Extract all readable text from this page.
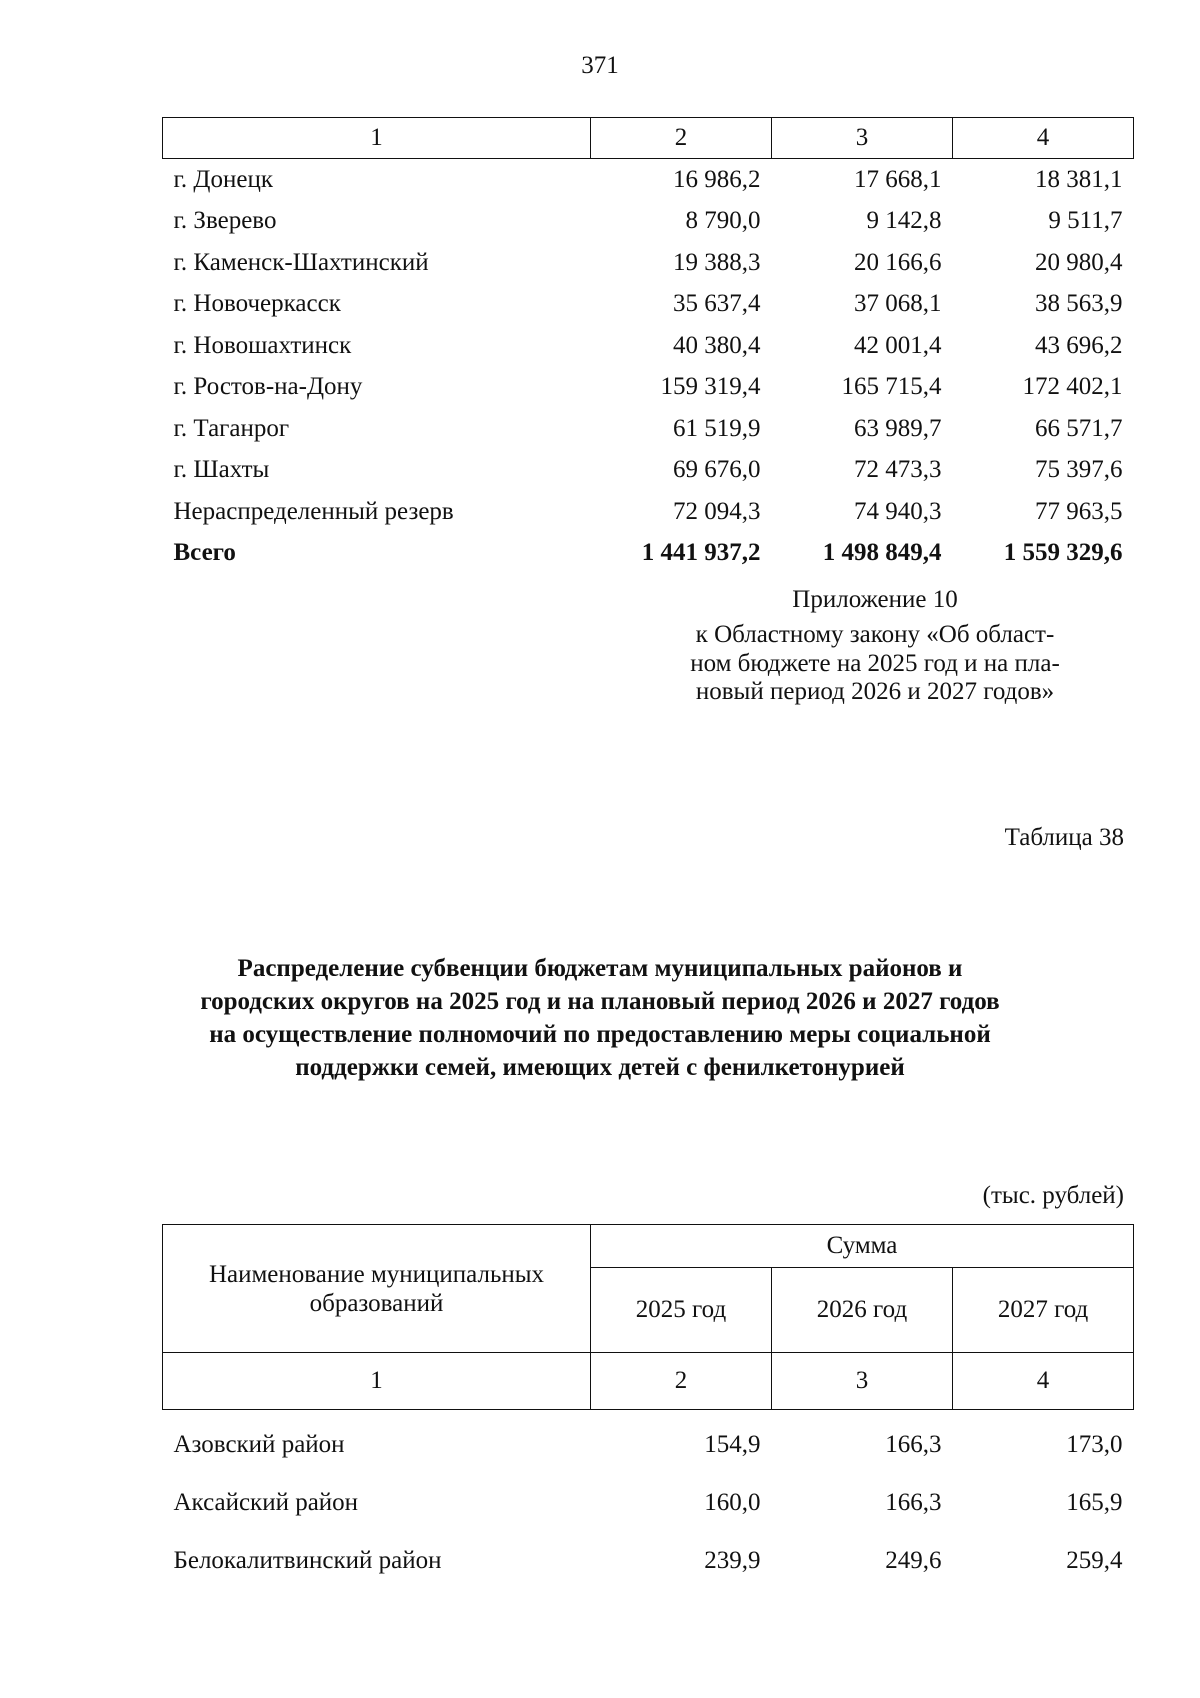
371
1	2	3	4
г. Донецк	16 986,2	17 668,1	18 381,1
г. Зверево	8 790,0	9 142,8	9 511,7
г. Каменск-Шахтинский	19 388,3	20 166,6	20 980,4
г. Новочеркасск	35 637,4	37 068,1	38 563,9
г. Новошахтинск	40 380,4	42 001,4	43 696,2
г. Ростов-на-Дону	159 319,4	165 715,4	172 402,1
г. Таганрог	61 519,9	63 989,7	66 571,7
г. Шахты	69 676,0	72 473,3	75 397,6
Нераспределенный резерв	72 094,3	74 940,3	77 963,5
Всего	1 441 937,2	1 498 849,4	1 559 329,6
Приложение 10
к Областному закону «Об област-
ном бюджете на 2025 год и на пла-
новый период 2026 и 2027 годов»
Таблица 38
Распределение субвенции бюджетам муниципальных районов и
городских округов на 2025 год и на плановый период 2026 и 2027 годов
на осуществление полномочий по предоставлению меры социальной
поддержки семей, имеющих детей с фенилкетонурией
(тыс. рублей)
Наименование муниципальных
образований	Сумма		
	2025 год	2026 год	2027 год
1	2	3	4
Азовский район	154,9	166,3	173,0
Аксайский район	160,0	166,3	165,9
Белокалитвинский район	239,9	249,6	259,4
